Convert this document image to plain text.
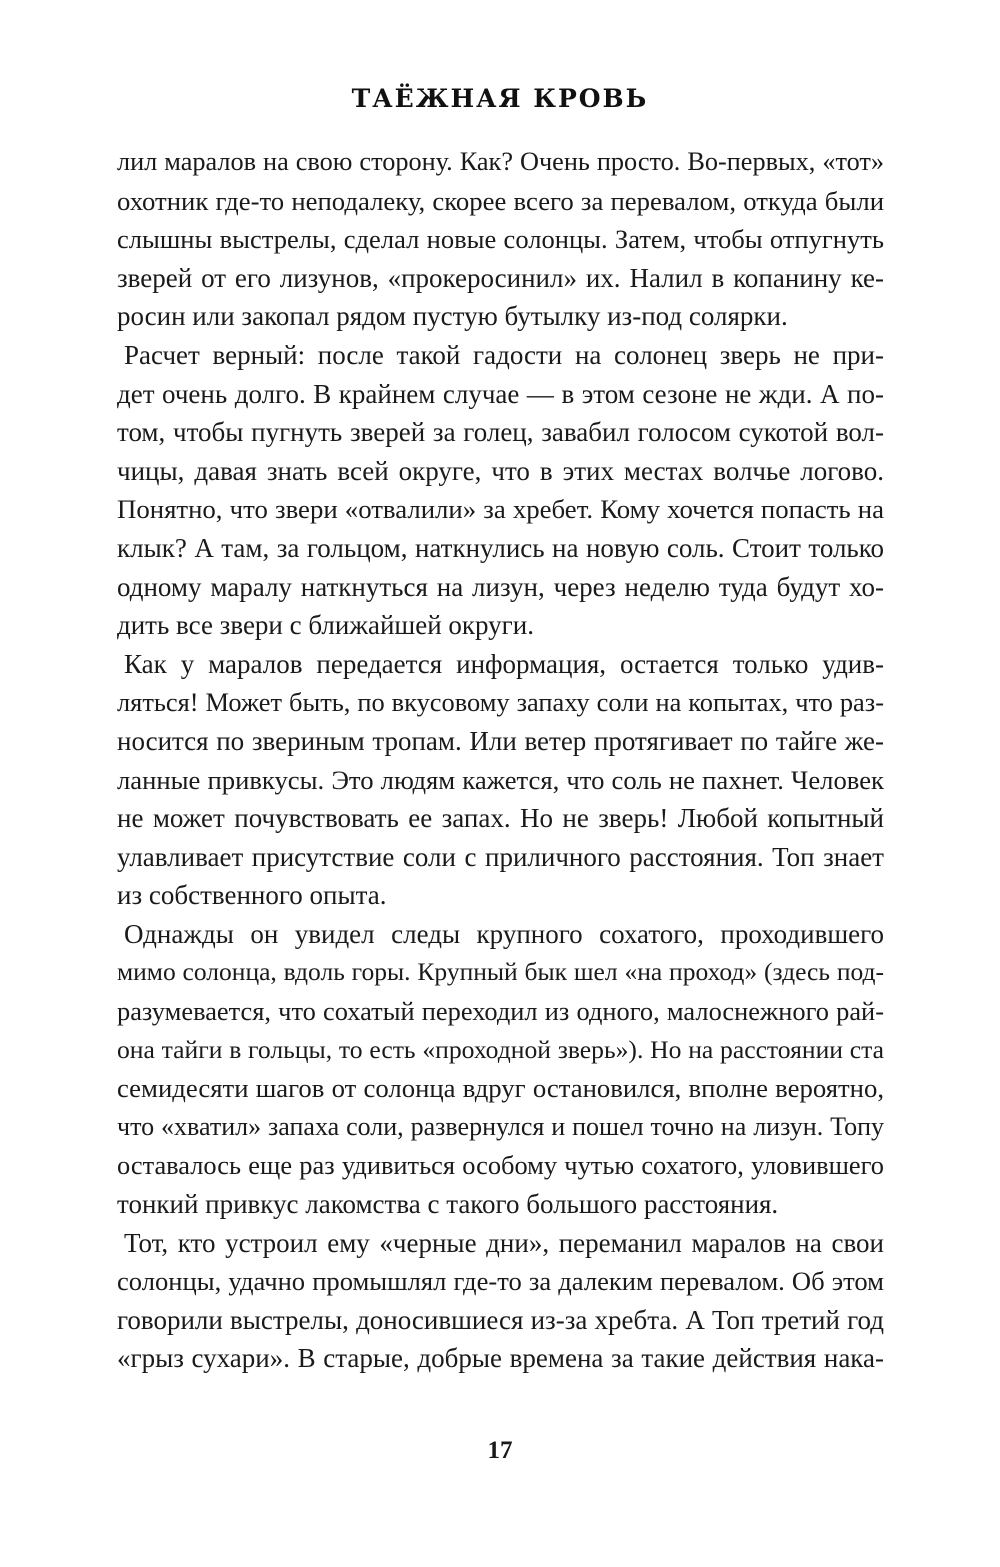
ТАЁЖНАЯ КРОВЬ

лил маралов на свою сторону. Как? Очень просто. Во-первых, «тот»
охотник где-то неподалеку, скорее всего за перевалом, откуда были
слышны выстрелы, сделал новые солонцы. Затем, чтобы отпугнуть
зверей от его лизунов, «прокеросинил» их. Налил в копанину ке-
росин или закопал рядом пустую бутылку из-под солярки.

Расчет верный: после такой гадости на солонец зверь не при-
дет очень долго. В крайнем случае — в этом сезоне не жди. А по-
том, чтобы пугнуть зверей за голец, завабил голосом сукотой вол-
чицы, давая знать всей округе, что в этих местах волчье логово.
Понятно, что звери «отвалили» за хребет. Кому хочется попасть на
клык? А там, за гольцом, наткнулись на новую соль. Стоит только
одному маралу наткнуться на лизун, через неделю туда будут хо-
дить все звери с ближайшей округи.

Как у маралов передается информация, остается только удив-
ляться! Может быть, по вкусовому запаху соли на копытах, что раз-
носится по звериным тропам. Или ветер протягивает по тайге же-
ланные привкусы. Это людям кажется, что соль не пахнет. Человек
не может почувствовать ее запах. Но не зверь! Любой копытный
улавливает присутствие соли с приличного расстояния. Топ знает
из собственного опыта.

Однажды он увидел следы крупного сохатого, проходившего
мимо солонца, вдоль горы. Крупный бык шел «на проход» (здесь под-
разумевается, что сохатый переходил из одного, малоснежного рай-
она тайги в гольцы, то есть «проходной зверь»). Но на расстоянии ста
семидесяти шагов от солонца вдруг остановился, вполне вероятно,
что «хватил» запаха соли, развернулся и пошел точно на лизун. Топу
оставалось еще раз удивиться особому чутью сохатого, уловившего
тонкий привкус лакомства с такого большого расстояния.

Тот, кто устроил ему «черные дни», переманил маралов на свои
солонцы, удачно промышлял где-то за далеким перевалом. Об этом
говорили выстрелы, доносившиеся из-за хребта. А Топ третий год
«грыз сухари». В старые, добрые времена за такие действия нака-

17
